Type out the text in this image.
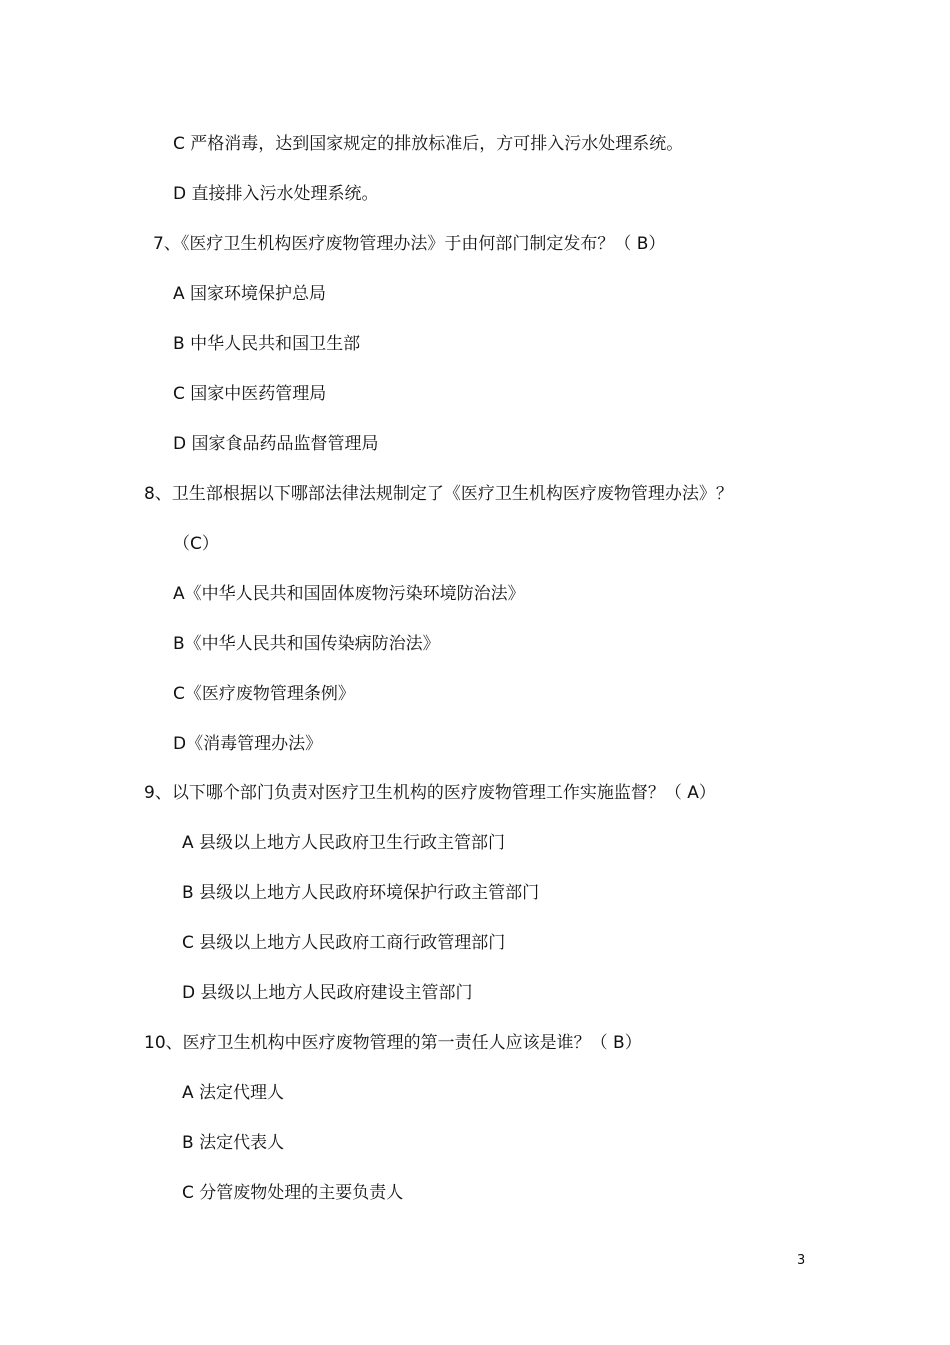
C 严格消毒，达到国家规定的排放标准后，方可排入污水处理系统。
D 直接排入污水处理系统。
7、《医疗卫生机构医疗废物管理办法》于由何部门制定发布？（ B）
A 国家环境保护总局
B 中华人民共和国卫生部
C 国家中医药管理局
D 国家食品药品监督管理局
8、卫生部根据以下哪部法律法规制定了《医疗卫生机构医疗废物管理办法》？
（C）
A《中华人民共和国固体废物污染环境防治法》
B《中华人民共和国传染病防治法》
C《医疗废物管理条例》
D《消毒管理办法》
9、以下哪个部门负责对医疗卫生机构的医疗废物管理工作实施监督？（ A）
A 县级以上地方人民政府卫生行政主管部门
B 县级以上地方人民政府环境保护行政主管部门
C 县级以上地方人民政府工商行政管理部门
D 县级以上地方人民政府建设主管部门
10、医疗卫生机构中医疗废物管理的第一责任人应该是谁？（ B）
A 法定代理人
B 法定代表人
C 分管废物处理的主要负责人
3
